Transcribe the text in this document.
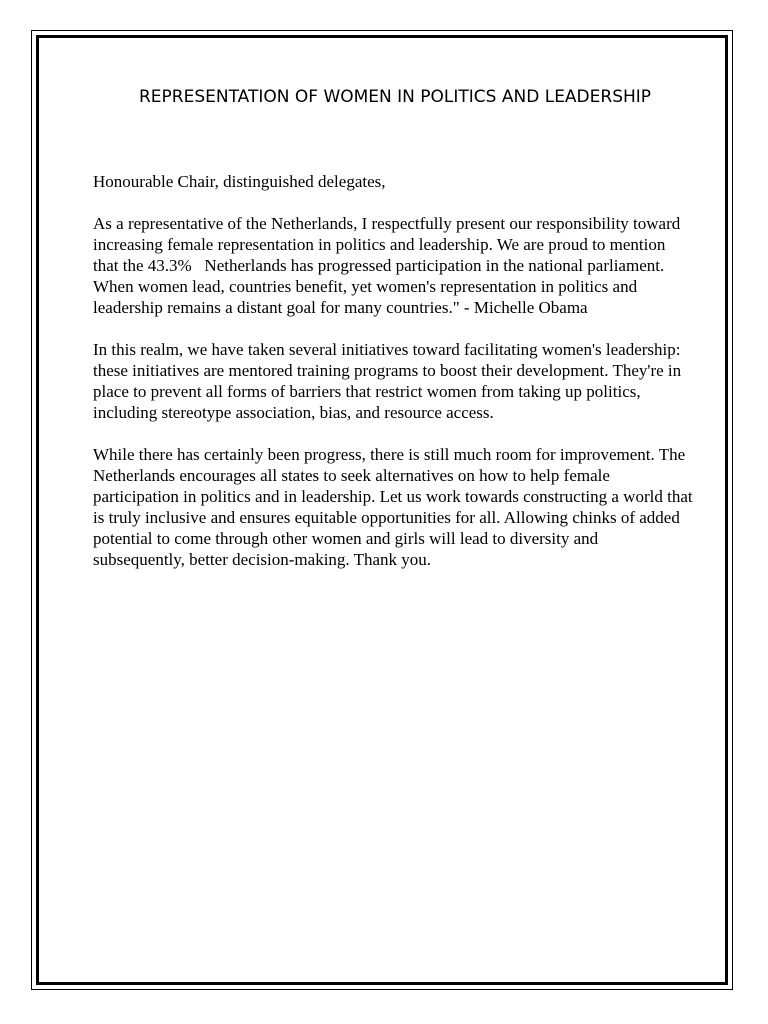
REPRESENTATION OF WOMEN IN POLITICS AND LEADERSHIP

Honourable Chair, distinguished delegates,

As a representative of the Netherlands, I respectfully present our responsibility toward increasing female representation in politics and leadership. We are proud to mention that the 43.3%   Netherlands has progressed participation in the national parliament. When women lead, countries benefit, yet women's representation in politics and leadership remains a distant goal for many countries." - Michelle Obama

In this realm, we have taken several initiatives toward facilitating women's leadership: these initiatives are mentored training programs to boost their development. They're in place to prevent all forms of barriers that restrict women from taking up politics, including stereotype association, bias, and resource access.

While there has certainly been progress, there is still much room for improvement. The Netherlands encourages all states to seek alternatives on how to help female participation in politics and in leadership. Let us work towards constructing a world that is truly inclusive and ensures equitable opportunities for all. Allowing chinks of added potential to come through other women and girls will lead to diversity and subsequently, better decision-making. Thank you.
